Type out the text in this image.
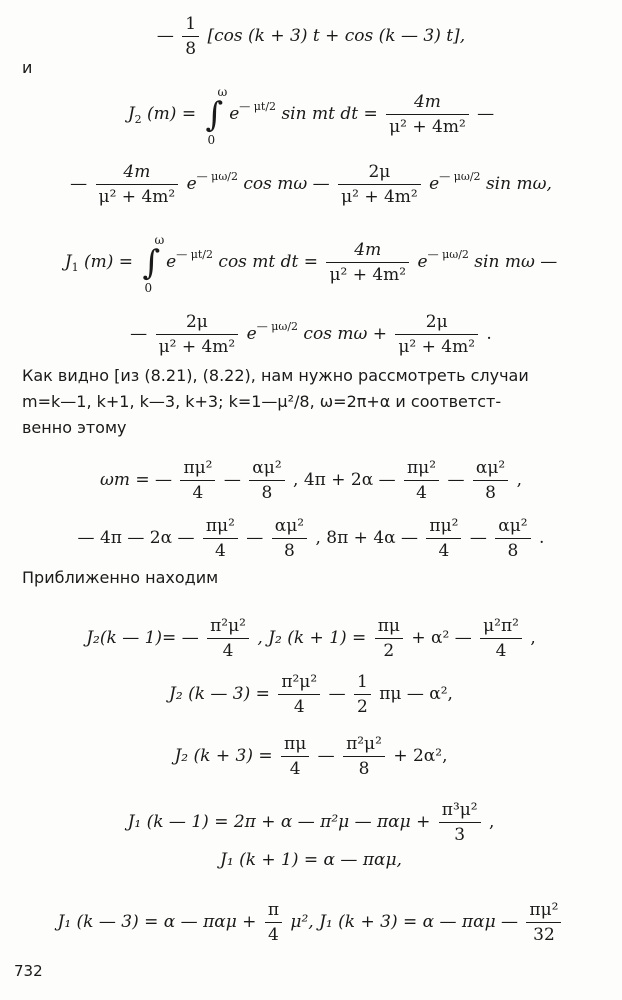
— $\frac{1}{8} [\cos$ (k + 3) t + cos (k — 3) t],
и
$J_2$ (m) = ∫
ω
0
$e^{— \mu t/2}$ sin mt dt = $\frac{4m}{\text{μ² + 4m²}}$ —
— $\frac{4m}{\text{μ² + 4m²}} e^{— \mu\omega/2}$ cos mω — $\frac{2\mu}{\text{μ² + 4m²}} e^{— \mu\omega/2}$ sin mω,
$J_1$ (m) = ∫
ω
0
$e^{— \mu t/2}$ cos mt dt = $\frac{4m}{\text{μ² + 4m²}} e^{— \mu\omega/2}$ sin mω —
— $\frac{2\mu}{\text{μ² + 4m²}} e^{— \mu\omega/2}$ $\cos m\omega + \frac{2\mu}{\text{μ² + 4m²}}$ .
Как видно [из (8.21), (8.22), нам нужно рассмотреть случаи
m=k—1, k+1, k—3, k+3; k=1—μ²/8, ω=2π+α и соответст-
венно этому
ωm = — $\frac{\text{πμ²}}{4}$ — $\frac{\text{αμ²}}{8}$ , 4π + 2α — $\frac{\text{πμ²}}{4}$ — $\frac{\text{αμ²}}{8}$ ,
— 4π — 2α — $\frac{\text{πμ²}}{4}$ — $\frac{\text{αμ²}}{8}$ , 8π + 4α — $\frac{\text{πμ²}}{4}$ — $\frac{\text{αμ²}}{8}$ .
Приближенно находим
J₂(k — 1)= — $\frac{\text{π²μ²}}{4}$ , J₂ $(k + 1) = \frac{\pi\mu}{2} + \alpha^2$ — $\frac{\text{μ²π²}}{4}$ ,
J₂ (k — $3) = \frac{\text{π²μ²}}{4}$ — $\frac{1}{2}$ πμ — α²,
J₂ $(k + 3) = \frac{\pi\mu}{4}$ — $\frac{\text{π²μ²}}{8} + 2\alpha^2$,
J₁ (k — 1) = 2π + α — π²μ — $\pi\alpha\mu + \frac{\text{π³μ²}}{3}$ ,
J₁ (k + 1) = α — παμ,
J₁ (k — 3) = α — $\pi\alpha\mu + \frac{\pi}{4} \mu^2$, J₁ (k + 3) = α — παμ — $\frac{\text{πμ²}}{32}$
732
